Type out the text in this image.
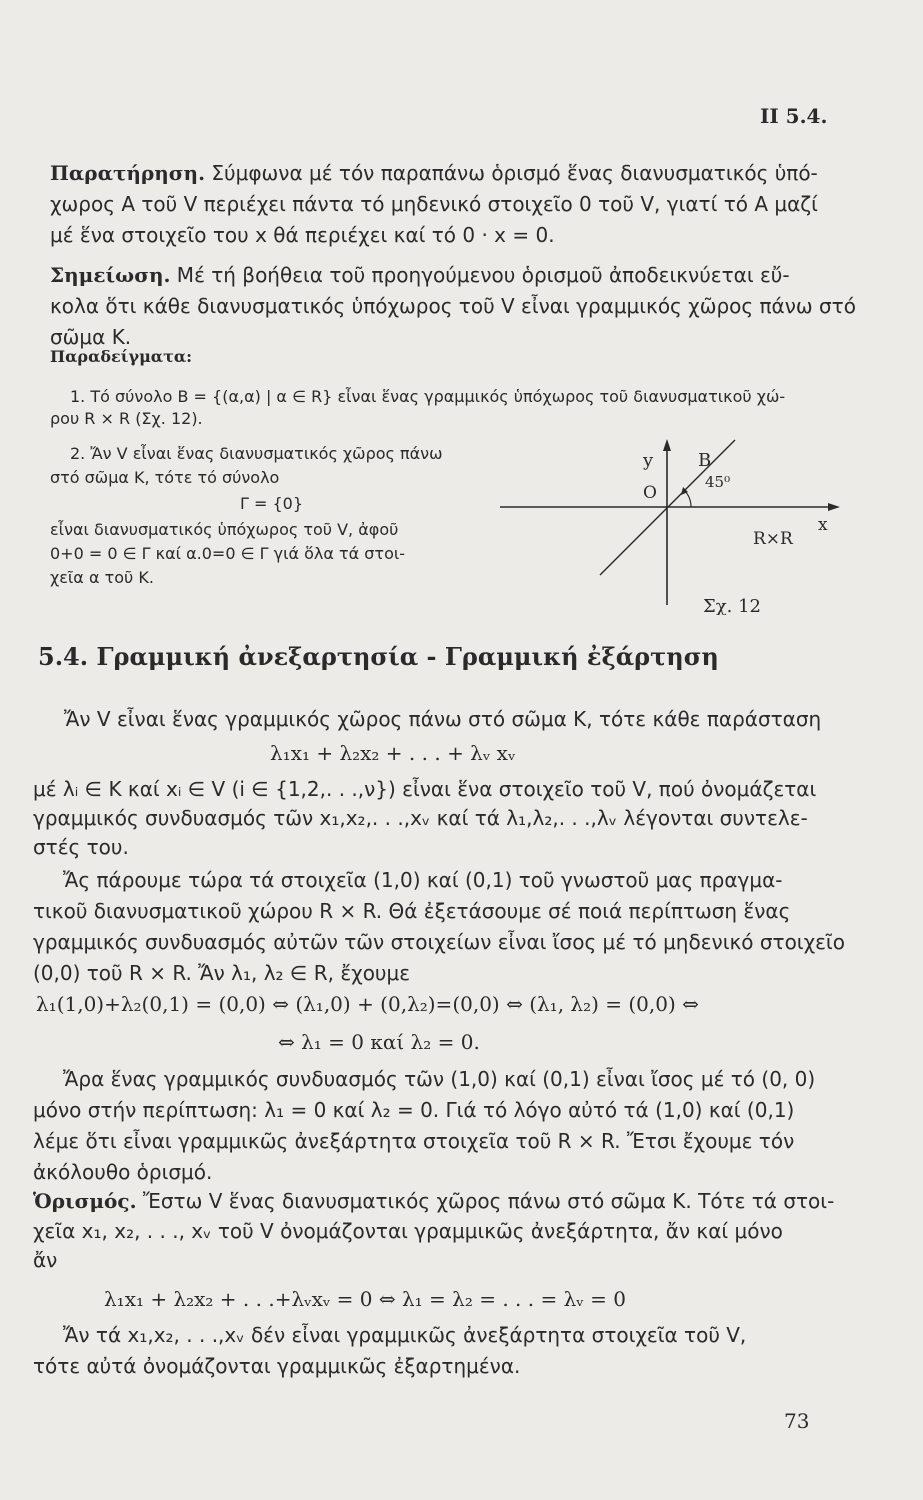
II 5.4.
Παρατήρηση. Σύμφωνα μέ τόν παραπάνω ὁρισμό ἕνας διανυσματικός ὑπό-
χωρος Α τοῦ V περιέχει πάντα τό μηδενικό στοιχεῖο 0 τοῦ V, γιατί τό Α μαζί
μέ ἕνα στοιχεῖο του x θά περιέχει καί τό 0 · x = 0.
Σημείωση. Μέ τή βοήθεια τοῦ προηγούμενου ὁρισμοῦ ἀποδεικνύεται εὔ-
κολα ὅτι κάθε διανυσματικός ὑπόχωρος τοῦ V εἶναι γραμμικός χῶρος πάνω στό
σῶμα K.
Παραδείγματα:
1. Τό σύνολο B = {(α,α) | α ∈ R} εἶναι ἕνας γραμμικός ὑπόχωρος τοῦ διανυσματικοῦ χώ-
ρου R × R (Σχ. 12).
2. Ἄν V εἶναι ἕνας διανυσματικός χῶρος πάνω
στό σῶμα K, τότε τό σύνολο
Γ = {0}
εἶναι διανυσματικός ὑπόχωρος τοῦ V, ἀφοῦ
0+0 = 0 ∈ Γ καί α.0=0 ∈ Γ γιά ὅλα τά στοι-
χεῖα α τοῦ K.
y B
O
45⁰
x
R×R
Σχ. 12
5.4. Γραμμική ἀνεξαρτησία - Γραμμική ἐξάρτηση
Ἄν V εἶναι ἕνας γραμμικός χῶρος πάνω στό σῶμα K, τότε κάθε παράσταση
λ₁x₁ + λ₂x₂ + . . . + λᵥ xᵥ
μέ λᵢ ∈ K καί xᵢ ∈ V (i ∈ {1,2,. . .,ν}) εἶναι ἕνα στοιχεῖο τοῦ V, πού ὀνομάζεται
γραμμικός συνδυασμός τῶν x₁,x₂,. . .,xᵥ καί τά λ₁,λ₂,. . .,λᵥ λέγονται συντελε-
στές του.
Ἄς πάρουμε τώρα τά στοιχεῖα (1,0) καί (0,1) τοῦ γνωστοῦ μας πραγμα-
τικοῦ διανυσματικοῦ χώρου R × R. Θά ἐξετάσουμε σέ ποιά περίπτωση ἕνας
γραμμικός συνδυασμός αὐτῶν τῶν στοιχείων εἶναι ἴσος μέ τό μηδενικό στοιχεῖο
(0,0) τοῦ R × R. Ἄν λ₁, λ₂ ∈ R, ἔχουμε
λ₁(1,0)+λ₂(0,1) = (0,0) ⇔ (λ₁,0) + (0,λ₂)=(0,0) ⇔ (λ₁, λ₂) = (0,0) ⇔
⇔ λ₁ = 0 καί λ₂ = 0.
Ἄρα ἕνας γραμμικός συνδυασμός τῶν (1,0) καί (0,1) εἶναι ἴσος μέ τό (0, 0)
μόνο στήν περίπτωση: λ₁ = 0 καί λ₂ = 0. Γιά τό λόγο αὐτό τά (1,0) καί (0,1)
λέμε ὅτι εἶναι γραμμικῶς ἀνεξάρτητα στοιχεῖα τοῦ R × R. Ἔτσι ἔχουμε τόν
ἀκόλουθο ὁρισμό.
Ὁρισμός. Ἔστω V ἕνας διανυσματικός χῶρος πάνω στό σῶμα K. Τότε τά στοι-
χεῖα x₁, x₂, . . ., xᵥ τοῦ V ὀνομάζονται γραμμικῶς ἀνεξάρτητα, ἄν καί μόνο
ἄν
λ₁x₁ + λ₂x₂ + . . .+λᵥxᵥ = 0 ⇔ λ₁ = λ₂ = . . . = λᵥ = 0
Ἄν τά x₁,x₂, . . .,xᵥ δέν εἶναι γραμμικῶς ἀνεξάρτητα στοιχεῖα τοῦ V,
τότε αὐτά ὀνομάζονται γραμμικῶς ἐξαρτημένα.
73
